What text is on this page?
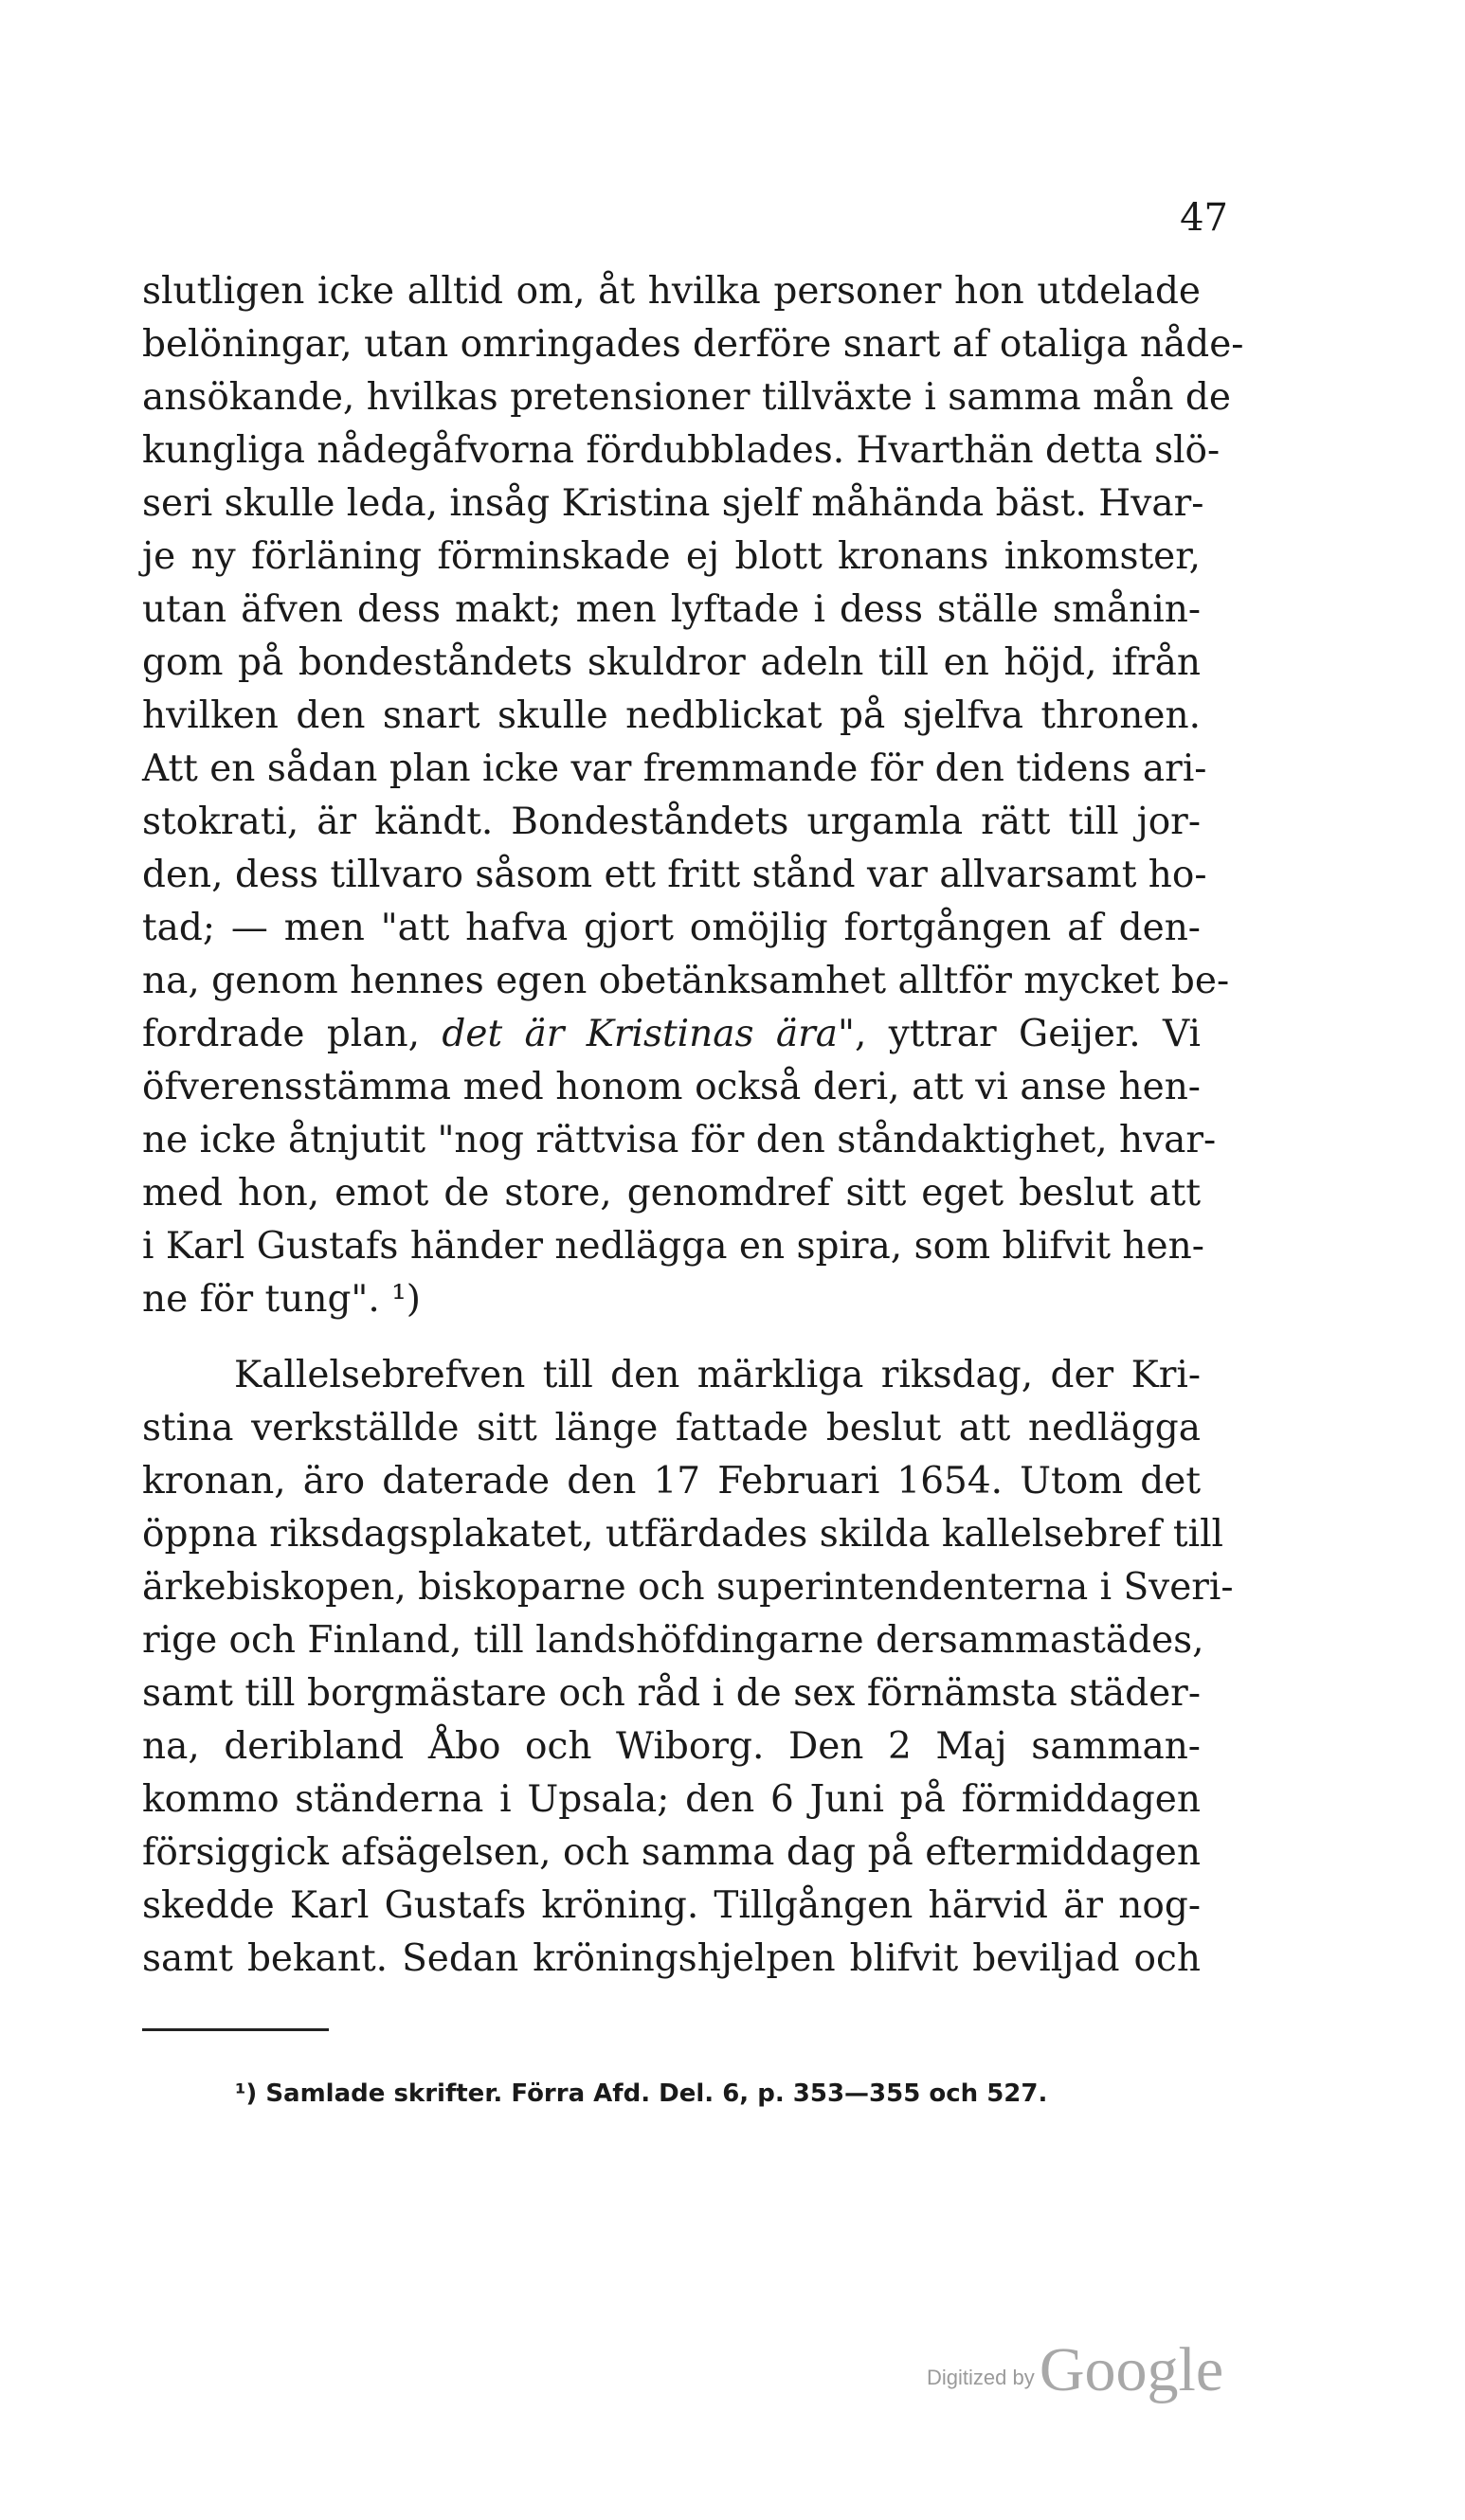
47
slutligen icke alltid om, åt hvilka personer hon utdelade
belöningar, utan omringades derföre snart af otaliga nåde-
ansökande, hvilkas pretensioner tillväxte i samma mån de
kungliga nådegåfvorna fördubblades. Hvarthän detta slö-
seri skulle leda, insåg Kristina sjelf måhända bäst. Hvar-
je ny förläning förminskade ej blott kronans inkomster,
utan äfven dess makt; men lyftade i dess ställe smånin-
gom på bondeståndets skuldror adeln till en höjd, ifrån
hvilken den snart skulle nedblickat på sjelfva thronen.
Att en sådan plan icke var fremmande för den tidens ari-
stokrati, är kändt. Bondeståndets urgamla rätt till jor-
den, dess tillvaro såsom ett fritt stånd var allvarsamt ho-
tad; — men "att hafva gjort omöjlig fortgången af den-
na, genom hennes egen obetänksamhet alltför mycket be-
fordrade plan, det är Kristinas ära", yttrar Geijer. Vi
öfverensstämma med honom också deri, att vi anse hen-
ne icke åtnjutit "nog rättvisa för den ståndaktighet, hvar-
med hon, emot de store, genomdref sitt eget beslut att
i Karl Gustafs händer nedlägga en spira, som blifvit hen-
ne för tung". ¹)
Kallelsebrefven till den märkliga riksdag, der Kri-
stina verkställde sitt länge fattade beslut att nedlägga
kronan, äro daterade den 17 Februari 1654. Utom det
öppna riksdagsplakatet, utfärdades skilda kallelsebref till
ärkebiskopen, biskoparne och superintendenterna i Sveri-
rige och Finland, till landshöfdingarne dersammastädes,
samt till borgmästare och råd i de sex förnämsta städer-
na, deribland Åbo och Wiborg. Den 2 Maj samman-
kommo ständerna i Upsala; den 6 Juni på förmiddagen
försiggick afsägelsen, och samma dag på eftermiddagen
skedde Karl Gustafs kröning. Tillgången härvid är nog-
samt bekant. Sedan kröningshjelpen blifvit beviljad och
¹) Samlade skrifter. Förra Afd. Del. 6, p. 353—355 och 527.
Digitized by Google
